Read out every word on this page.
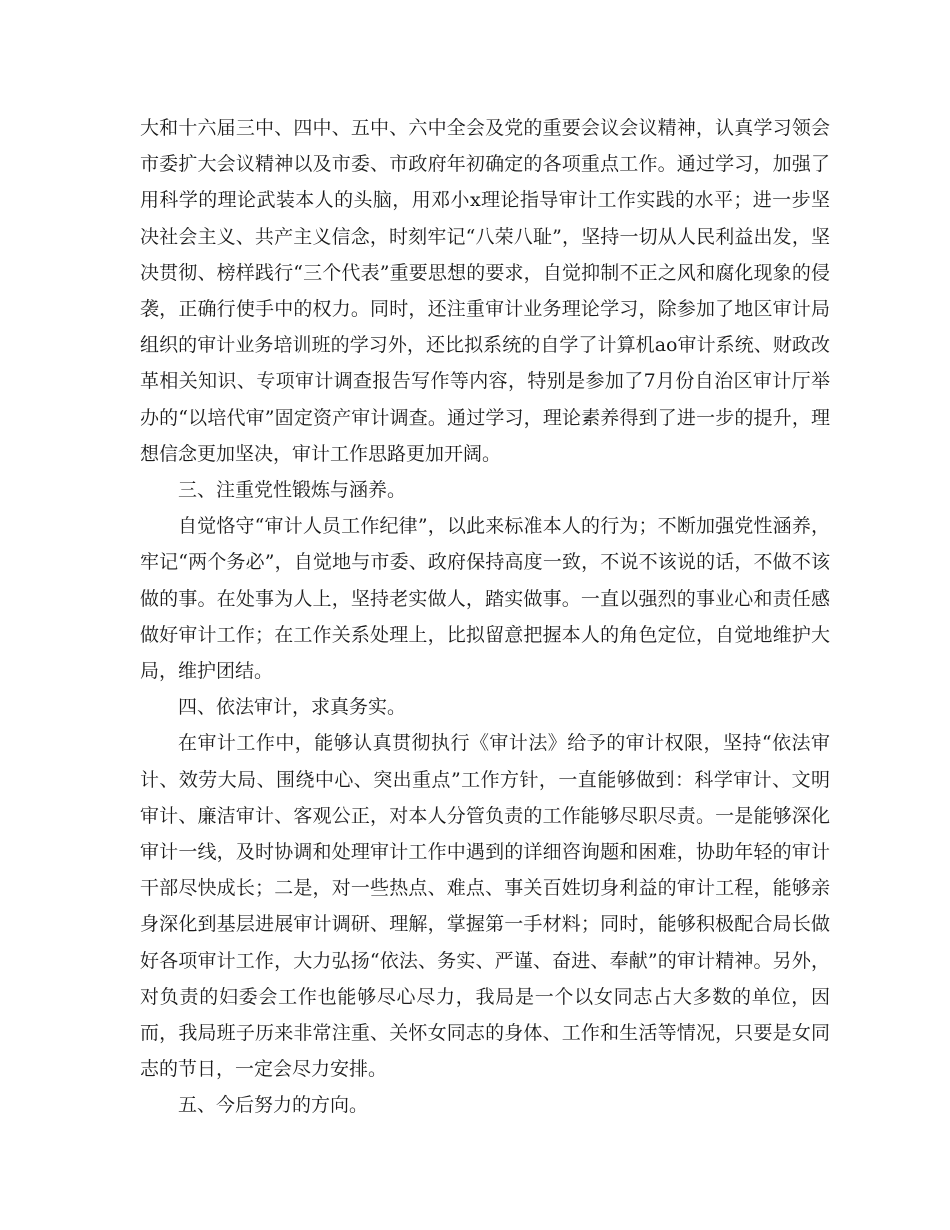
大和十六届三中、四中、五中、六中全会及党的重要会议会议精神，认真学习领会市委扩大会议精神以及市委、市政府年初确定的各项重点工作。通过学习，加强了用科学的理论武装本人的头脑，用邓小x理论指导审计工作实践的水平；进一步坚决社会主义、共产主义信念，时刻牢记“八荣八耻”，坚持一切从人民利益出发，坚决贯彻、榜样践行“三个代表”重要思想的要求，自觉抑制不正之风和腐化现象的侵袭，正确行使手中的权力。同时，还注重审计业务理论学习，除参加了地区审计局组织的审计业务培训班的学习外，还比拟系统的自学了计算机ao审计系统、财政改革相关知识、专项审计调查报告写作等内容，特别是参加了7月份自治区审计厅举办的“以培代审”固定资产审计调查。通过学习，理论素养得到了进一步的提升，理想信念更加坚决，审计工作思路更加开阔。

三、注重党性锻炼与涵养。

自觉恪守“审计人员工作纪律”，以此来标准本人的行为；不断加强党性涵养，牢记“两个务必”，自觉地与市委、政府保持高度一致，不说不该说的话，不做不该做的事。在处事为人上，坚持老实做人，踏实做事。一直以强烈的事业心和责任感做好审计工作；在工作关系处理上，比拟留意把握本人的角色定位，自觉地维护大局，维护团结。

四、依法审计，求真务实。

在审计工作中，能够认真贯彻执行《审计法》给予的审计权限，坚持“依法审计、效劳大局、围绕中心、突出重点”工作方针，一直能够做到：科学审计、文明审计、廉洁审计、客观公正，对本人分管负责的工作能够尽职尽责。一是能够深化审计一线，及时协调和处理审计工作中遇到的详细咨询题和困难，协助年轻的审计干部尽快成长；二是，对一些热点、难点、事关百姓切身利益的审计工程，能够亲身深化到基层进展审计调研、理解，掌握第一手材料；同时，能够积极配合局长做好各项审计工作，大力弘扬“依法、务实、严谨、奋进、奉献”的审计精神。另外，对负责的妇委会工作也能够尽心尽力，我局是一个以女同志占大多数的单位，因而，我局班子历来非常注重、关怀女同志的身体、工作和生活等情况，只要是女同志的节日，一定会尽力安排。

五、今后努力的方向。
